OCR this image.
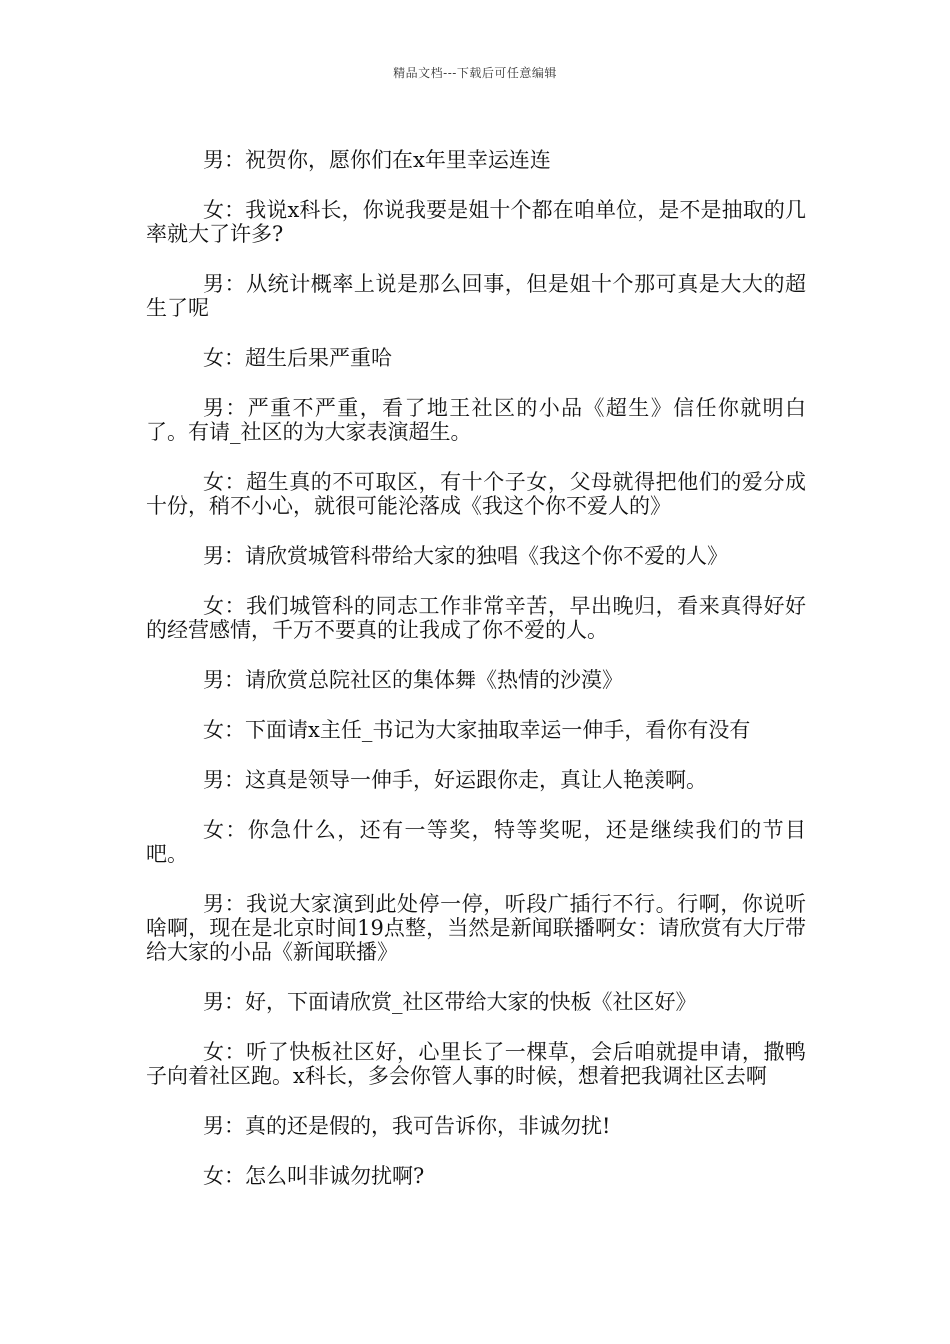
精品文档---下载后可任意编辑

男：祝贺你，愿你们在x年里幸运连连

女：我说x科长，你说我要是姐十个都在咱单位，是不是抽取的几率就大了许多?

男：从统计概率上说是那么回事，但是姐十个那可真是大大的超生了呢

女：超生后果严重哈

男：严重不严重，看了地王社区的小品《超生》信任你就明白了。有请_社区的为大家表演超生。

女：超生真的不可取区，有十个子女，父母就得把他们的爱分成十份，稍不小心，就很可能沦落成《我这个你不爱人的》

男：请欣赏城管科带给大家的独唱《我这个你不爱的人》

女：我们城管科的同志工作非常辛苦，早出晚归，看来真得好好的经营感情，千万不要真的让我成了你不爱的人。

男：请欣赏总院社区的集体舞《热情的沙漠》

女：下面请x主任_书记为大家抽取幸运一伸手，看你有没有

男：这真是领导一伸手，好运跟你走，真让人艳羡啊。

女：你急什么，还有一等奖，特等奖呢，还是继续我们的节目吧。

男：我说大家演到此处停一停，听段广插行不行。行啊，你说听啥啊，现在是北京时间19点整，当然是新闻联播啊女：请欣赏有大厅带给大家的小品《新闻联播》

男：好，下面请欣赏_社区带给大家的快板《社区好》

女：听了快板社区好，心里长了一棵草，会后咱就提申请，撒鸭子向着社区跑。x科长，多会你管人事的时候，想着把我调社区去啊

男：真的还是假的，我可告诉你，非诚勿扰!

女：怎么叫非诚勿扰啊?
